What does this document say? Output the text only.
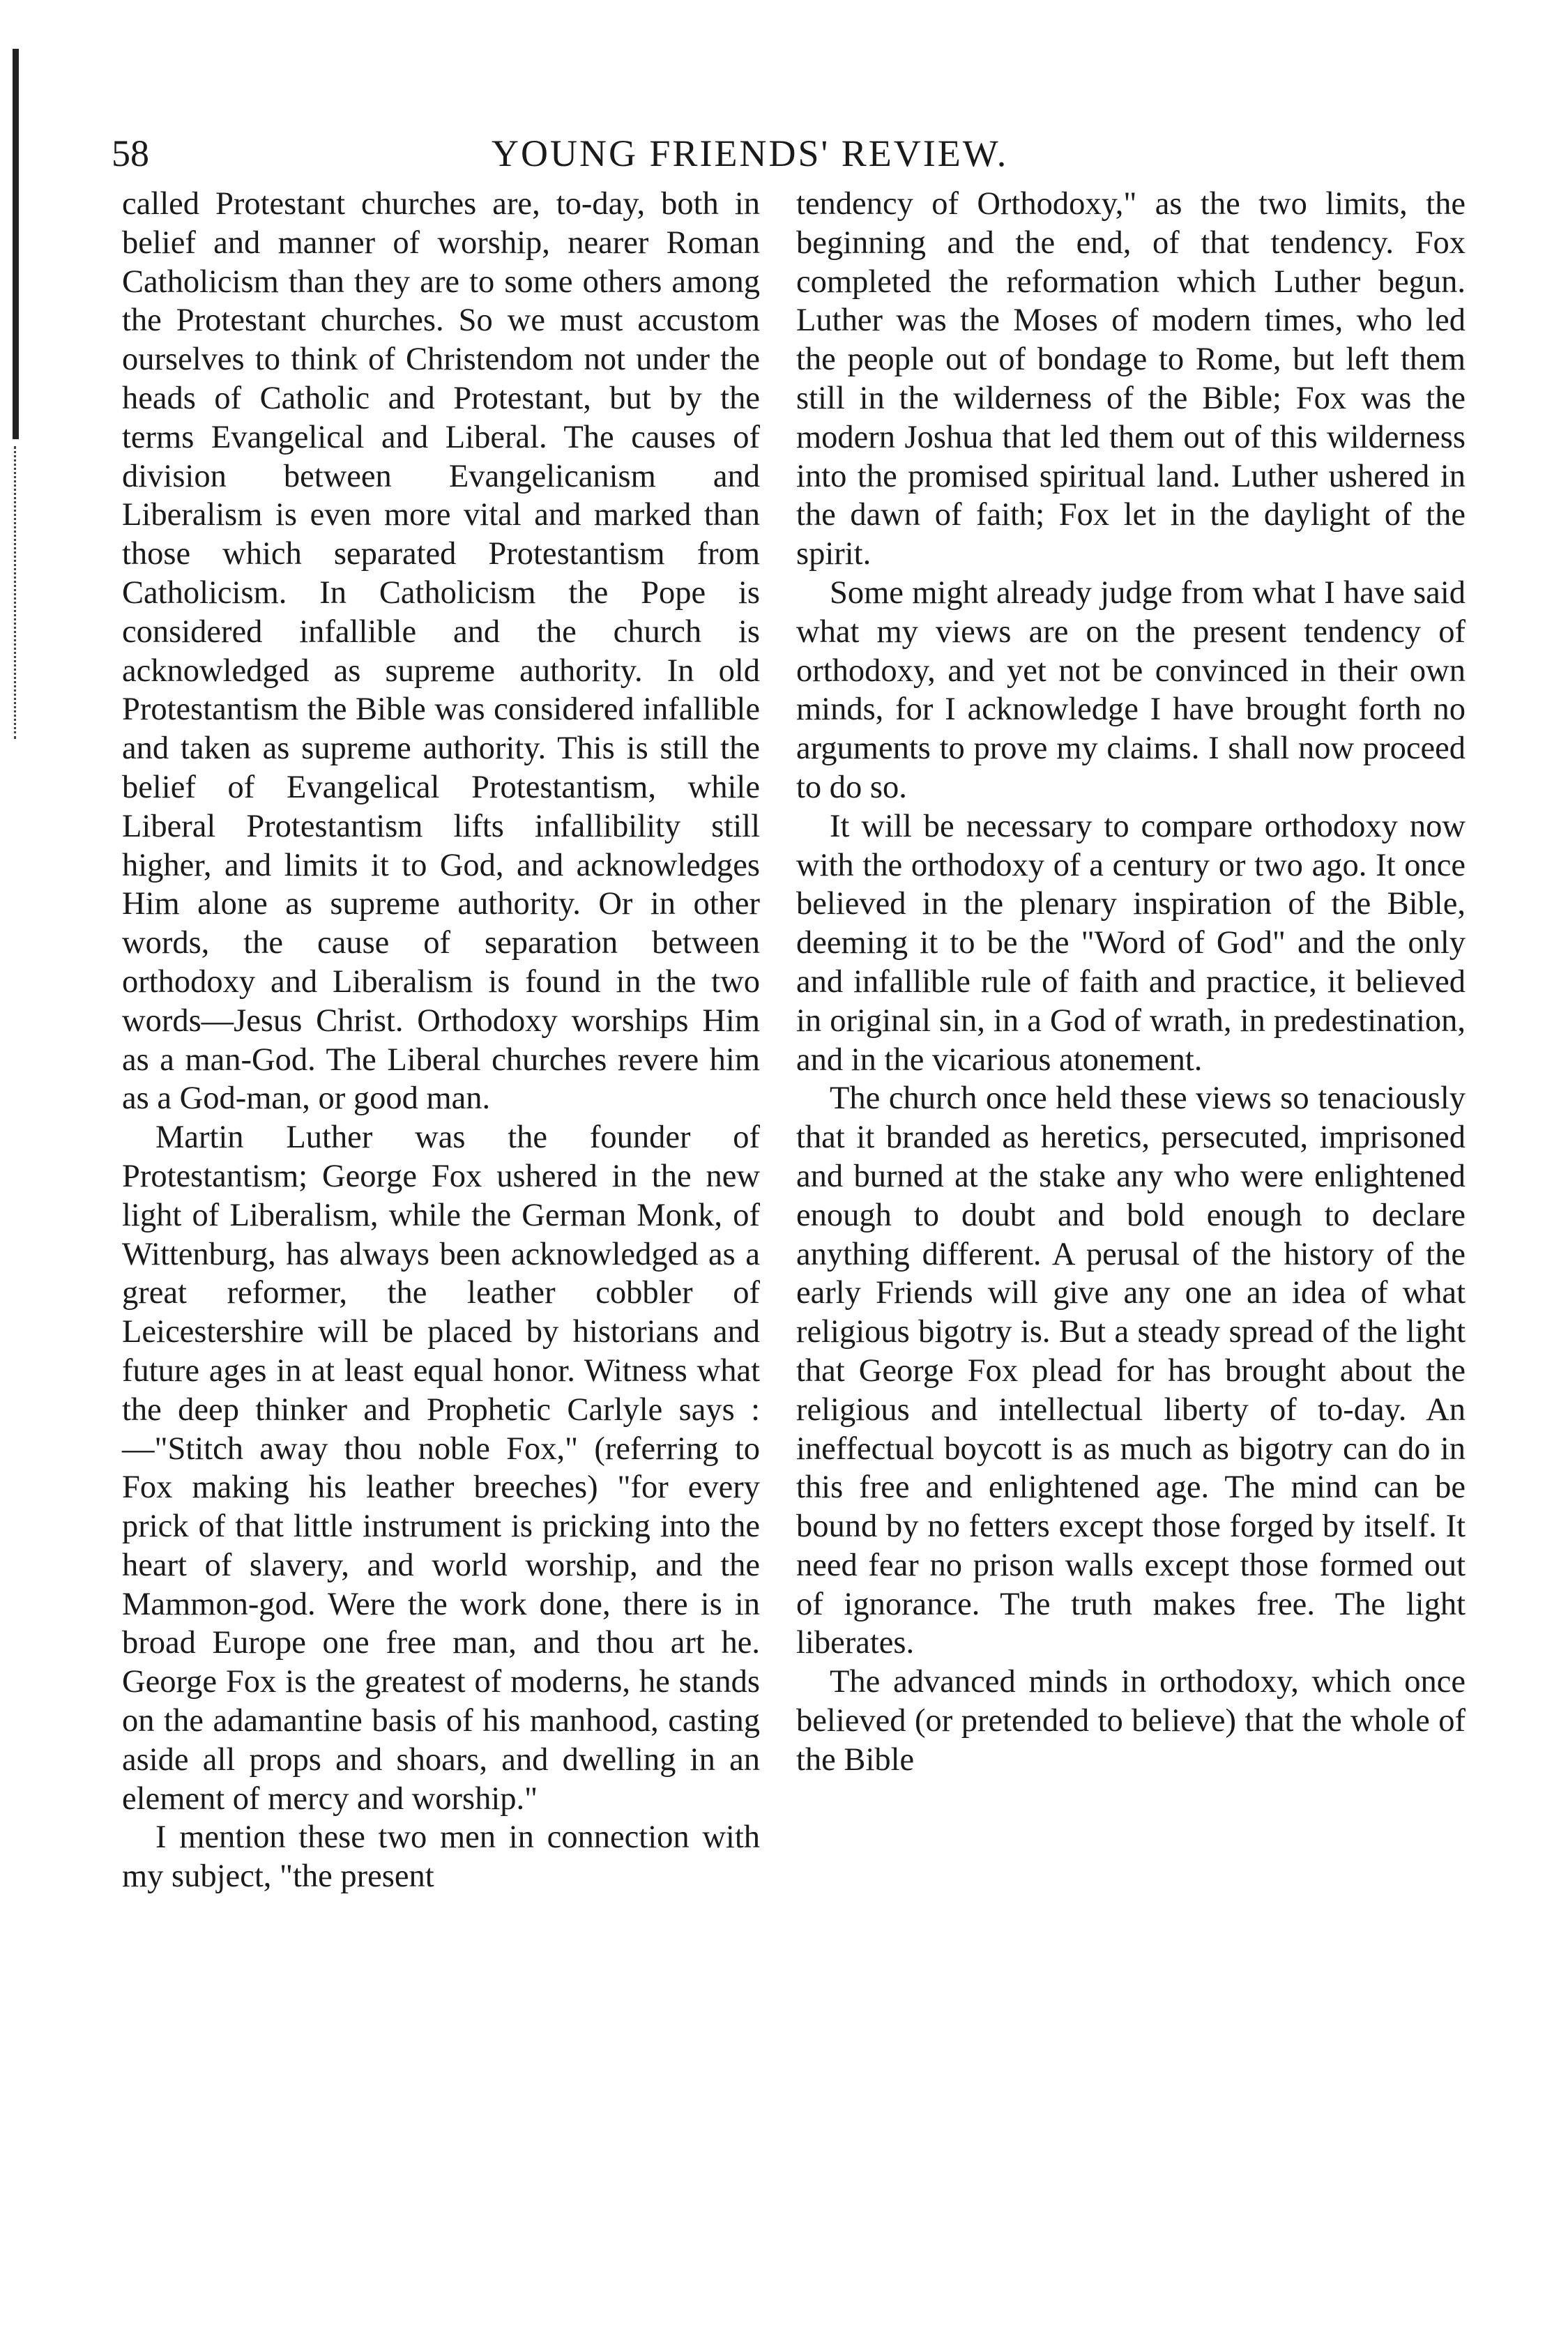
58	YOUNG FRIENDS' REVIEW.

called Protestant churches are, to-day, both in belief and manner of worship, nearer Roman Catholicism than they are to some others among the Protestant churches. So we must accustom ourselves to think of Christendom not under the heads of Catholic and Protestant, but by the terms Evangelical and Liberal. The causes of division between Evangelicanism and Liberalism is even more vital and marked than those which separated Protestantism from Catholicism. In Catholicism the Pope is considered infallible and the church is acknowledged as supreme authority. In old Protestantism the Bible was considered infallible and taken as supreme authority. This is still the belief of Evangelical Protestantism, while Liberal Protestantism lifts infallibility still higher, and limits it to God, and acknowledges Him alone as supreme authority. Or in other words, the cause of separation between orthodoxy and Liberalism is found in the two words—Jesus Christ. Orthodoxy worships Him as a man-God. The Liberal churches revere him as a God-man, or good man.

Martin Luther was the founder of Protestantism; George Fox ushered in the new light of Liberalism, while the German Monk, of Wittenburg, has always been acknowledged as a great reformer, the leather cobbler of Leicestershire will be placed by historians and future ages in at least equal honor. Witness what the deep thinker and Prophetic Carlyle says :—"Stitch away thou noble Fox," (referring to Fox making his leather breeches) "for every prick of that little instrument is pricking into the heart of slavery, and world worship, and the Mammon-god. Were the work done, there is in broad Europe one free man, and thou art he. George Fox is the greatest of moderns, he stands on the adamantine basis of his manhood, casting aside all props and shoars, and dwelling in an element of mercy and worship."

I mention these two men in connection with my subject, "the present

tendency of Orthodoxy," as the two limits, the beginning and the end, of that tendency. Fox completed the reformation which Luther begun. Luther was the Moses of modern times, who led the people out of bondage to Rome, but left them still in the wilderness of the Bible; Fox was the modern Joshua that led them out of this wilderness into the promised spiritual land. Luther ushered in the dawn of faith; Fox let in the daylight of the spirit.

Some might already judge from what I have said what my views are on the present tendency of orthodoxy, and yet not be convinced in their own minds, for I acknowledge I have brought forth no arguments to prove my claims. I shall now proceed to do so.

It will be necessary to compare orthodoxy now with the orthodoxy of a century or two ago. It once believed in the plenary inspiration of the Bible, deeming it to be the "Word of God" and the only and infallible rule of faith and practice, it believed in original sin, in a God of wrath, in predestination, and in the vicarious atonement.

The church once held these views so tenaciously that it branded as heretics, persecuted, imprisoned and burned at the stake any who were enlightened enough to doubt and bold enough to declare anything different. A perusal of the history of the early Friends will give any one an idea of what religious bigotry is. But a steady spread of the light that George Fox plead for has brought about the religious and intellectual liberty of to-day. An ineffectual boycott is as much as bigotry can do in this free and enlightened age. The mind can be bound by no fetters except those forged by itself. It need fear no prison walls except those formed out of ignorance. The truth makes free. The light liberates.

The advanced minds in orthodoxy, which once believed (or pretended to believe) that the whole of the Bible
